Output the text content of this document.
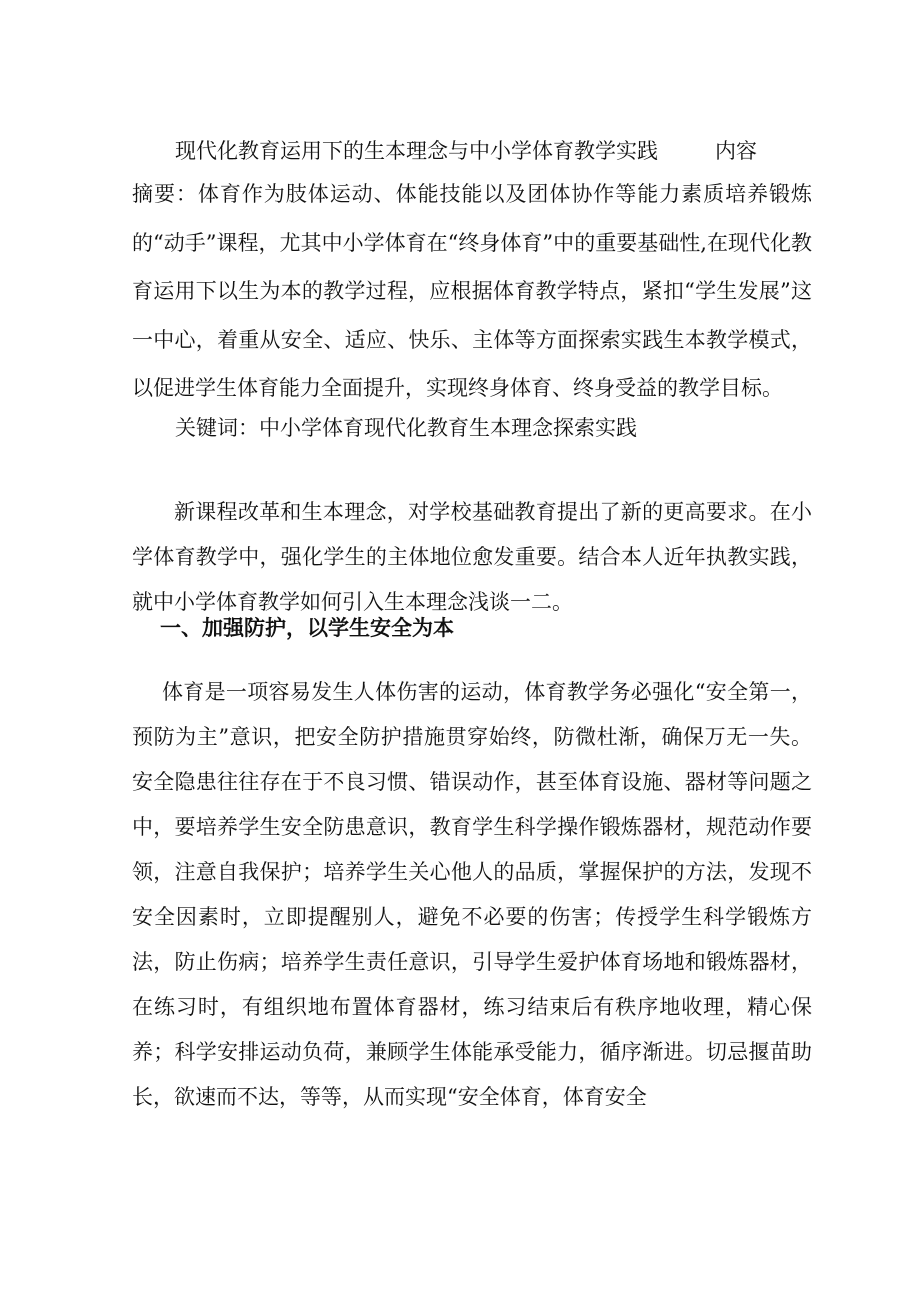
现代化教育运用下的生本理念与中小学体育教学实践	内容
摘要：体育作为肢体运动、体能技能以及团体协作等能力素质培养锻炼的“动手”课程，尤其中小学体育在“终身体育”中的重要基础性,在现代化教育运用下以生为本的教学过程，应根据体育教学特点，紧扣“学生发展”这一中心，着重从安全、适应、快乐、主体等方面探索实践生本教学模式，以促进学生体育能力全面提升，实现终身体育、终身受益的教学目标。
关键词：中小学体育现代化教育生本理念探索实践
新课程改革和生本理念，对学校基础教育提出了新的更高要求。在小学体育教学中，强化学生的主体地位愈发重要。结合本人近年执教实践，就中小学体育教学如何引入生本理念浅谈一二。
一、加强防护，以学生安全为本
体育是一项容易发生人体伤害的运动，体育教学务必强化“安全第一，预防为主”意识，把安全防护措施贯穿始终，防微杜渐，确保万无一失。安全隐患往往存在于不良习惯、错误动作，甚至体育设施、器材等问题之中，要培养学生安全防患意识，教育学生科学操作锻炼器材，规范动作要领，注意自我保护；培养学生关心他人的品质，掌握保护的方法，发现不安全因素时，立即提醒别人，避免不必要的伤害；传授学生科学锻炼方法，防止伤病；培养学生责任意识，引导学生爱护体育场地和锻炼器材，在练习时，有组织地布置体育器材，练习结束后有秩序地收理，精心保养；科学安排运动负荷，兼顾学生体能承受能力，循序渐进。切忌揠苗助长，欲速而不达，等等，从而实现“安全体育，体育安全
